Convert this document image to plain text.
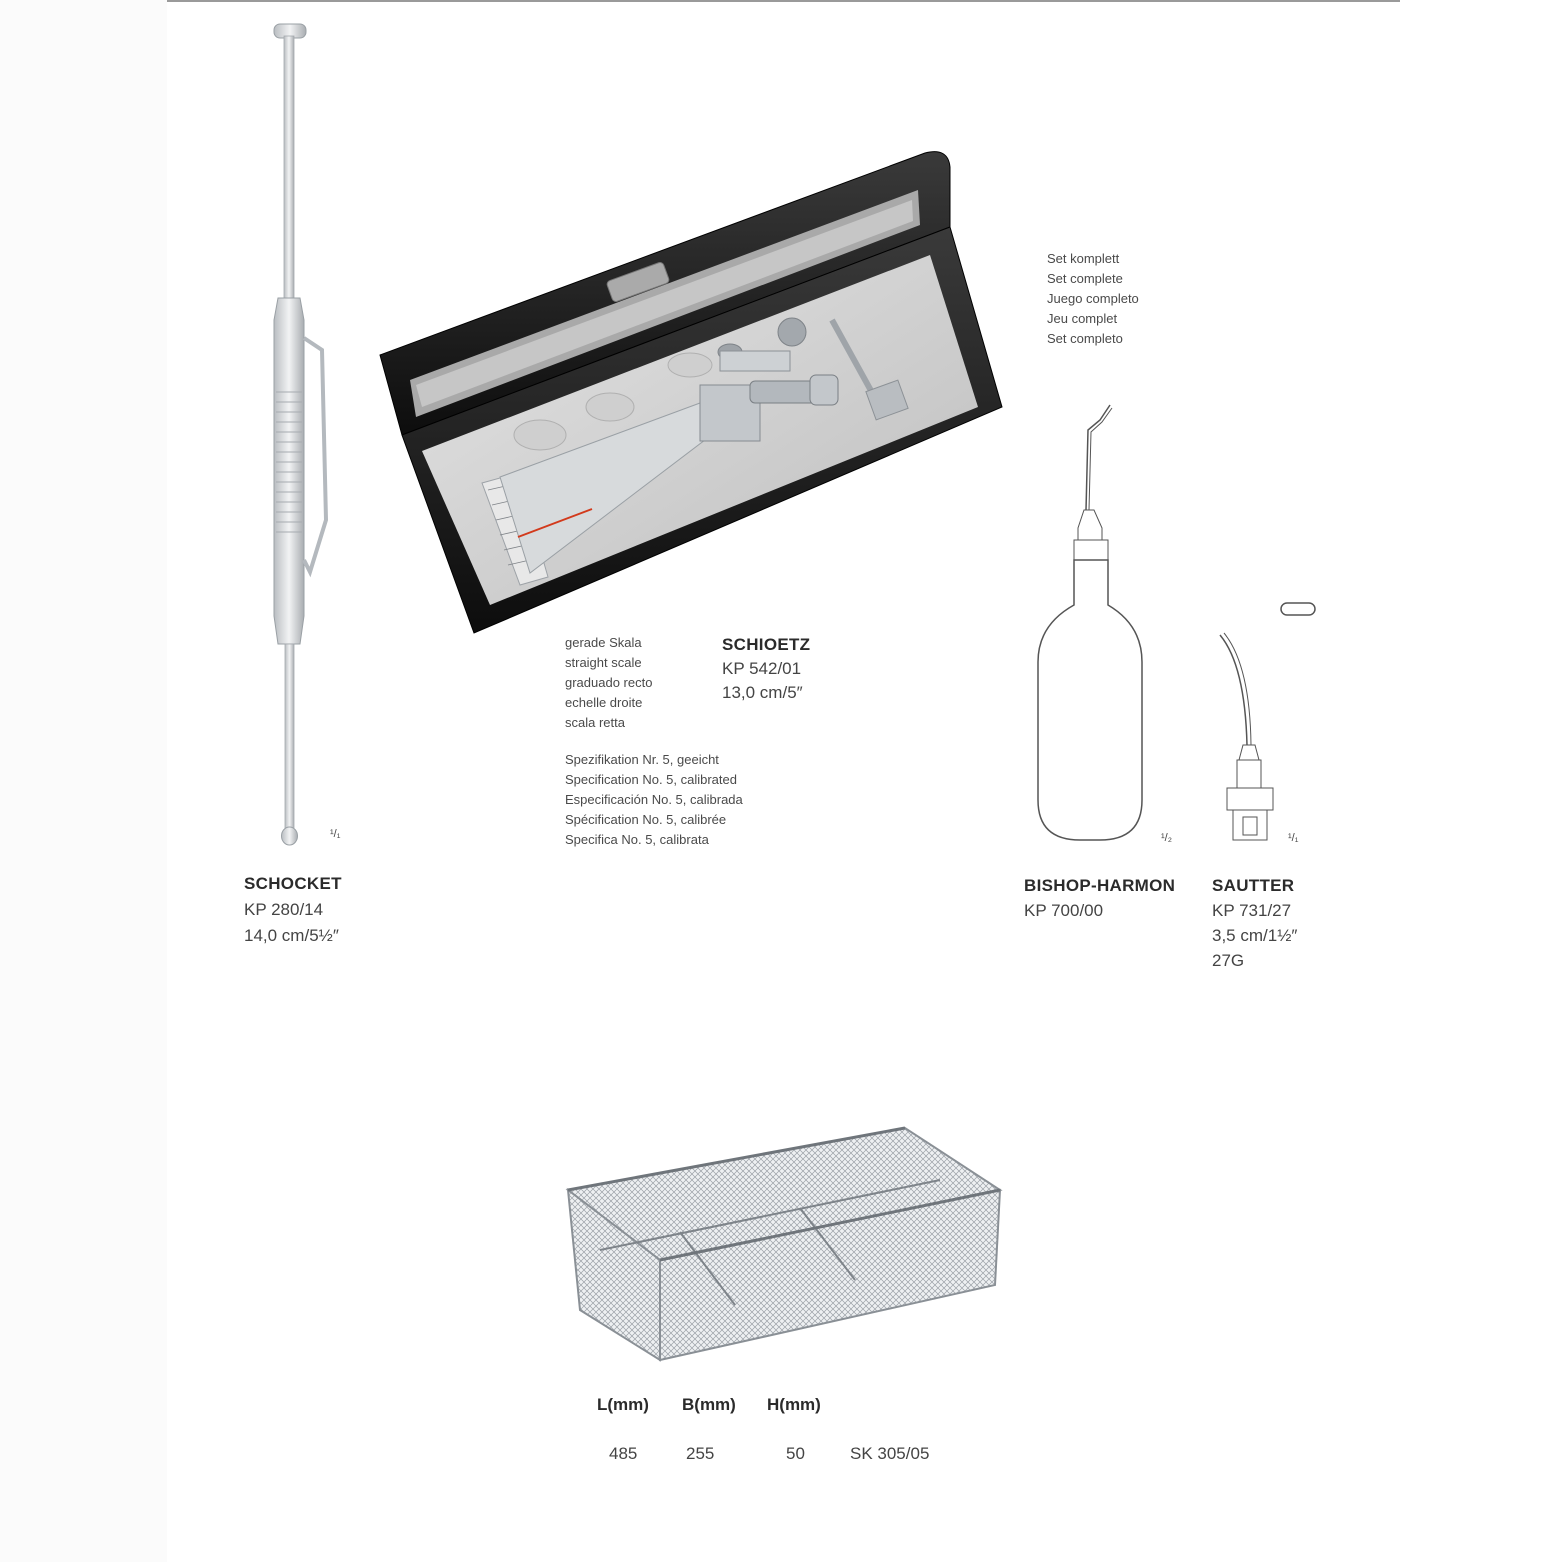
¹/₁
SCHOCKET
KP 280/14
14,0 cm/5½″
gerade Skala
straight scale
graduado recto
echelle droite
scala retta
SCHIOETZ
KP 542/01
13,0 cm/5″
Spezifikation Nr. 5, geeicht
Specification No. 5, calibrated
Especificación No. 5, calibrada
Spécification No. 5, calibrée
Specifica No. 5, calibrata
Set komplett
Set complete
Juego completo
Jeu complet
Set completo
¹/₂
BISHOP-HARMON
KP 700/00
¹/₁
SAUTTER
KP 731/27
3,5 cm/1½″
27G
L(mm) B(mm) H(mm)
485	255	50	SK 305/05
